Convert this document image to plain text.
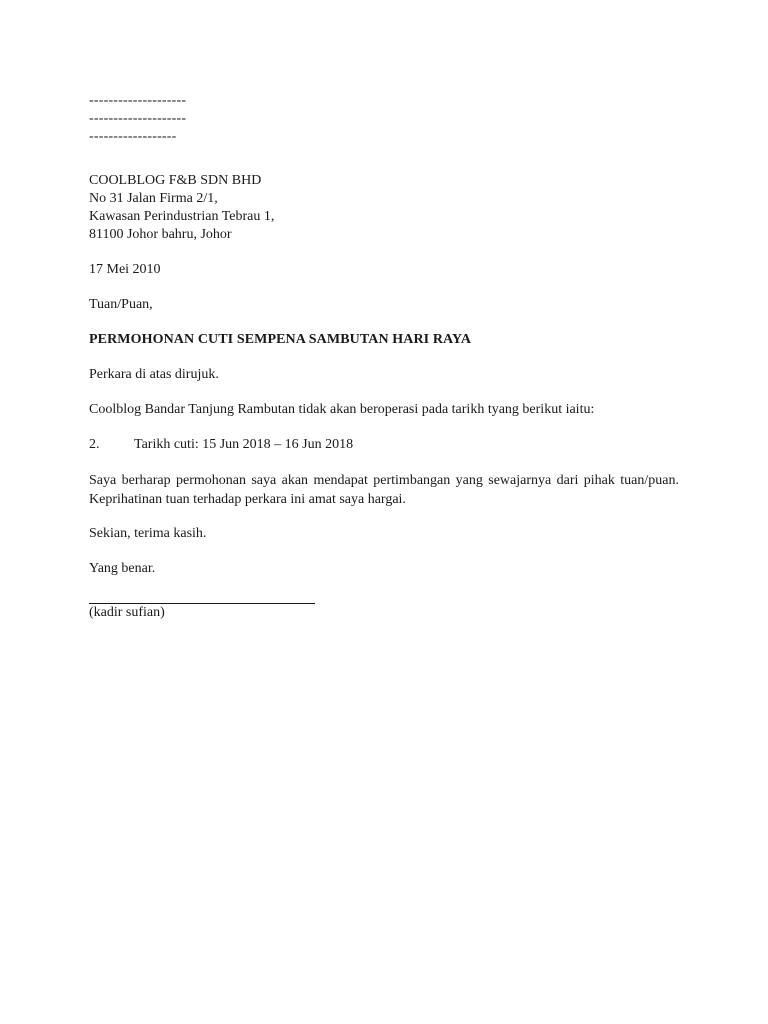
--------------------
--------------------
------------------
COOLBLOG F&B SDN BHD
No 31 Jalan Firma 2/1,
Kawasan Perindustrian Tebrau 1,
81100 Johor bahru, Johor
17 Mei 2010
Tuan/Puan,
PERMOHONAN CUTI SEMPENA SAMBUTAN HARI RAYA
Perkara di atas dirujuk.
Coolblog Bandar Tanjung Rambutan tidak akan beroperasi pada tarikh tyang berikut iaitu:
2.	Tarikh cuti: 15 Jun 2018 – 16 Jun 2018
Saya berharap permohonan saya akan mendapat pertimbangan yang sewajarnya dari pihak tuan/puan. Keprihatinan tuan terhadap perkara ini amat saya hargai.
Sekian, terima kasih.
Yang benar.
(kadir sufian)
